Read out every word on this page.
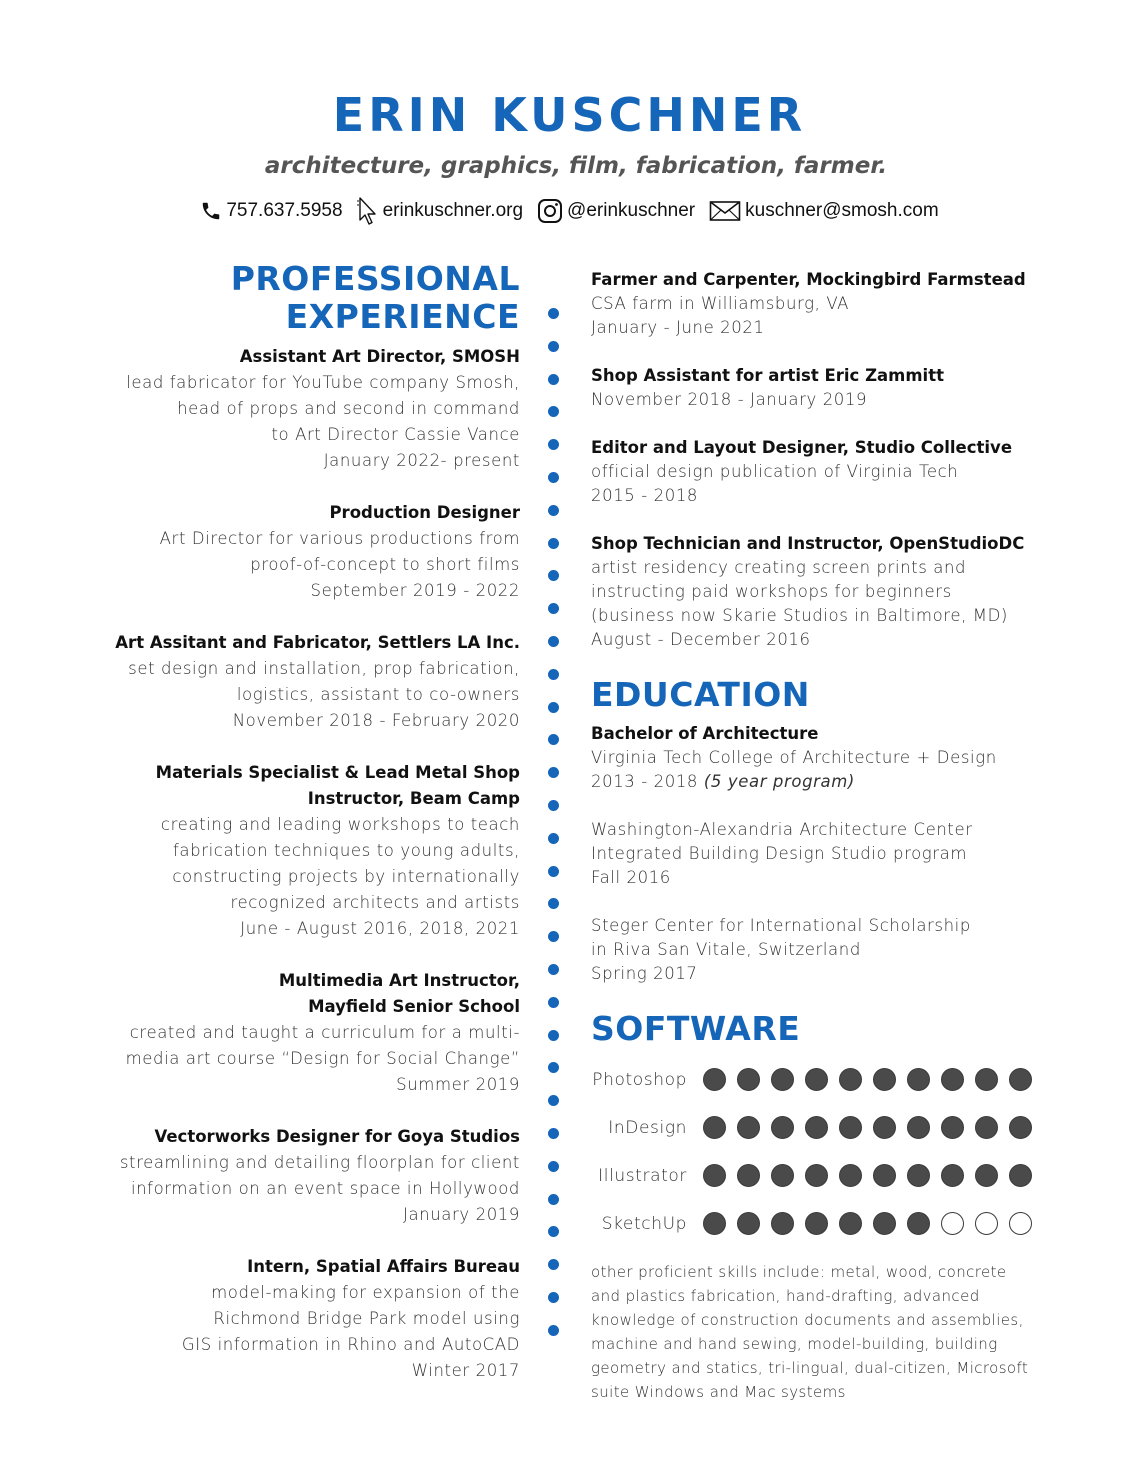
ERIN KUSCHNER
architecture, graphics, film, fabrication, farmer.
757.637.5958 erinkuschner.org @erinkuschner	kuschner@smosh.com
PROFESSIONAL
EXPERIENCE
Assistant Art Director, SMOSH
lead fabricator for YouTube company Smosh,
head of props and second in command
to Art Director Cassie Vance
January 2022- present
Production Designer
Art Director for various productions from
proof-of-concept to short films
September 2019 - 2022
Art Assitant and Fabricator, Settlers LA Inc.
set design and installation, prop fabrication,
logistics, assistant to co-owners
November 2018 - February 2020
Materials Specialist & Lead Metal Shop
Instructor, Beam Camp
creating and leading workshops to teach
fabrication techniques to young adults,
constructing projects by internationally
recognized architects and artists
June - August 2016, 2018, 2021
Multimedia Art Instructor,
Mayfield Senior School
created and taught a curriculum for a multi-
media art course “Design for Social Change”
Summer 2019
Vectorworks Designer for Goya Studios
streamlining and detailing floorplan for client
information on an event space in Hollywood
January 2019
Intern, Spatial Affairs Bureau
model-making for expansion of the
Richmond Bridge Park model using
GIS information in Rhino and AutoCAD
Winter 2017
Farmer and Carpenter, Mockingbird Farmstead
CSA farm in Williamsburg, VA
January - June 2021
Shop Assistant for artist Eric Zammitt
November 2018 - January 2019
Editor and Layout Designer, Studio Collective
official design publication of Virginia Tech
2015 - 2018
Shop Technician and Instructor, OpenStudioDC
artist residency creating screen prints and
instructing paid workshops for beginners
(business now Skarie Studios in Baltimore, MD)
August - December 2016
EDUCATION
Bachelor of Architecture
Virginia Tech College of Architecture + Design
2013 - 2018 (5 year program)
Washington-Alexandria Architecture Center
Integrated Building Design Studio program
Fall 2016
Steger Center for International Scholarship
in Riva San Vitale, Switzerland
Spring 2017
SOFTWARE
Photoshop
InDesign
Illustrator
SketchUp
other proficient skills include: metal, wood, concrete
and plastics fabrication, hand-drafting, advanced
knowledge of construction documents and assemblies,
machine and hand sewing, model-building, building
geometry and statics, tri-lingual, dual-citizen, Microsoft
suite Windows and Mac systems
